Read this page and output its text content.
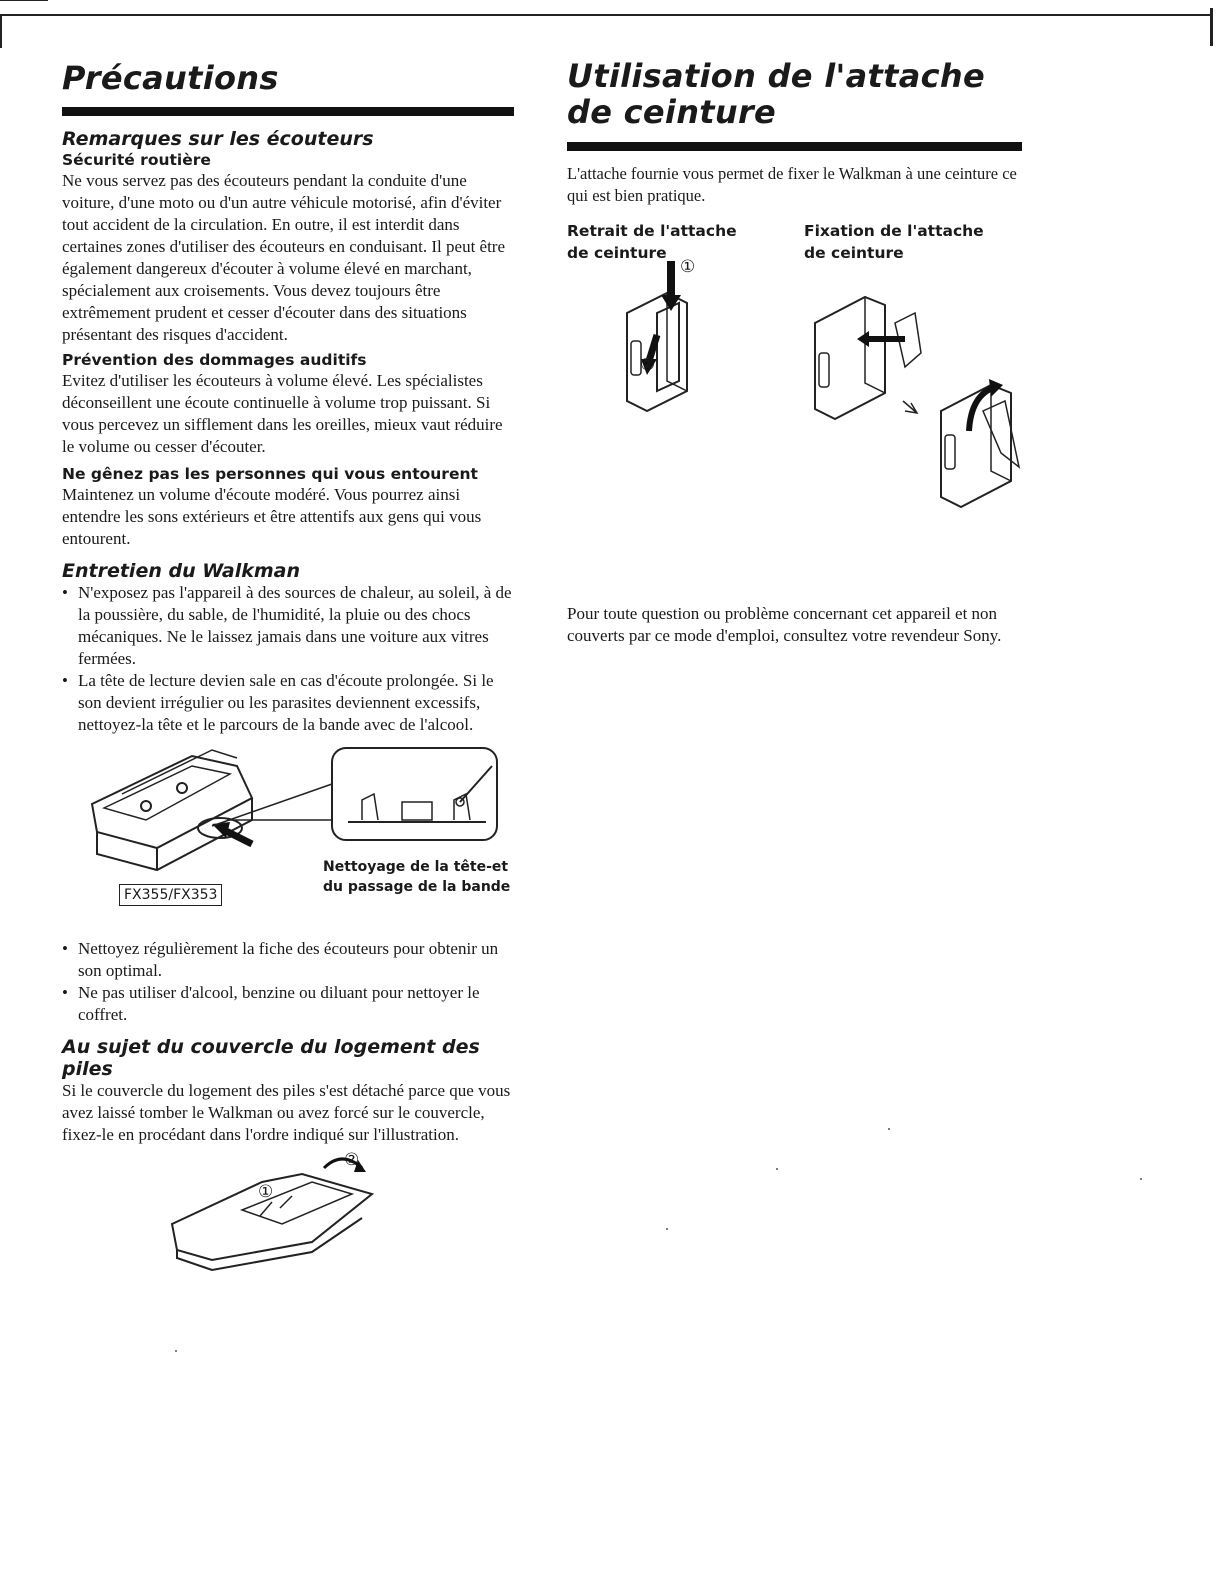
Précautions
Remarques sur les écouteurs
Sécurité routière

Ne vous servez pas des écouteurs pendant la conduite d'une voiture, d'une moto ou d'un autre véhicule motorisé, afin d'éviter tout accident de la circulation. En outre, il est interdit dans certaines zones d'utiliser des écouteurs en conduisant. Il peut être également dangereux d'écouter à volume élevé en marchant, spécialement aux croisements. Vous devez toujours être extrêmement prudent et cesser d'écouter dans des situations présentant des risques d'accident.

Prévention des dommages auditifs

Evitez d'utiliser les écouteurs à volume élevé. Les spécialistes déconseillent une écoute continuelle à volume trop puissant. Si vous percevez un sifflement dans les oreilles, mieux vaut réduire le volume ou cesser d'écouter.

Ne gênez pas les personnes qui vous entourent

Maintenez un volume d'écoute modéré. Vous pourrez ainsi entendre les sons extérieurs et être attentifs aux gens qui vous entourent.

Entretien du Walkman
• N'exposez pas l'appareil à des sources de chaleur, au soleil, à de la poussière, du sable, de l'humidité, la pluie ou des chocs mécaniques. Ne le laissez jamais dans une voiture aux vitres fermées.
• La tête de lecture devien sale en cas d'écoute prolongée. Si le son devient irrégulier ou les parasites deviennent excessifs, nettoyez-la tête et le parcours de la bande avec de l'alcool.
FX355/FX353
Nettoyage de la tête-et
du passage de la bande
• Nettoyez régulièrement la fiche des écouteurs pour obtenir un son optimal.
• Ne pas utiliser d'alcool, benzine ou diluant pour nettoyer le coffret.
Au sujet du couvercle du logement des piles

Si le couvercle du logement des piles s'est détaché parce que vous avez laissé tomber le Walkman ou avez forcé sur le couvercle, fixez-le en procédant dans l'ordre indiqué sur l'illustration.

①
②
Utilisation de l'attache
de ceinture

L'attache fournie vous permet de fixer le Walkman à une ceinture ce qui est bien pratique.

Retrait de l'attache
de ceinture
Fixation de l'attache
de ceinture
①
②

Pour toute question ou problème concernant cet appareil et non couverts par ce mode d'emploi, consultez votre revendeur Sony.
